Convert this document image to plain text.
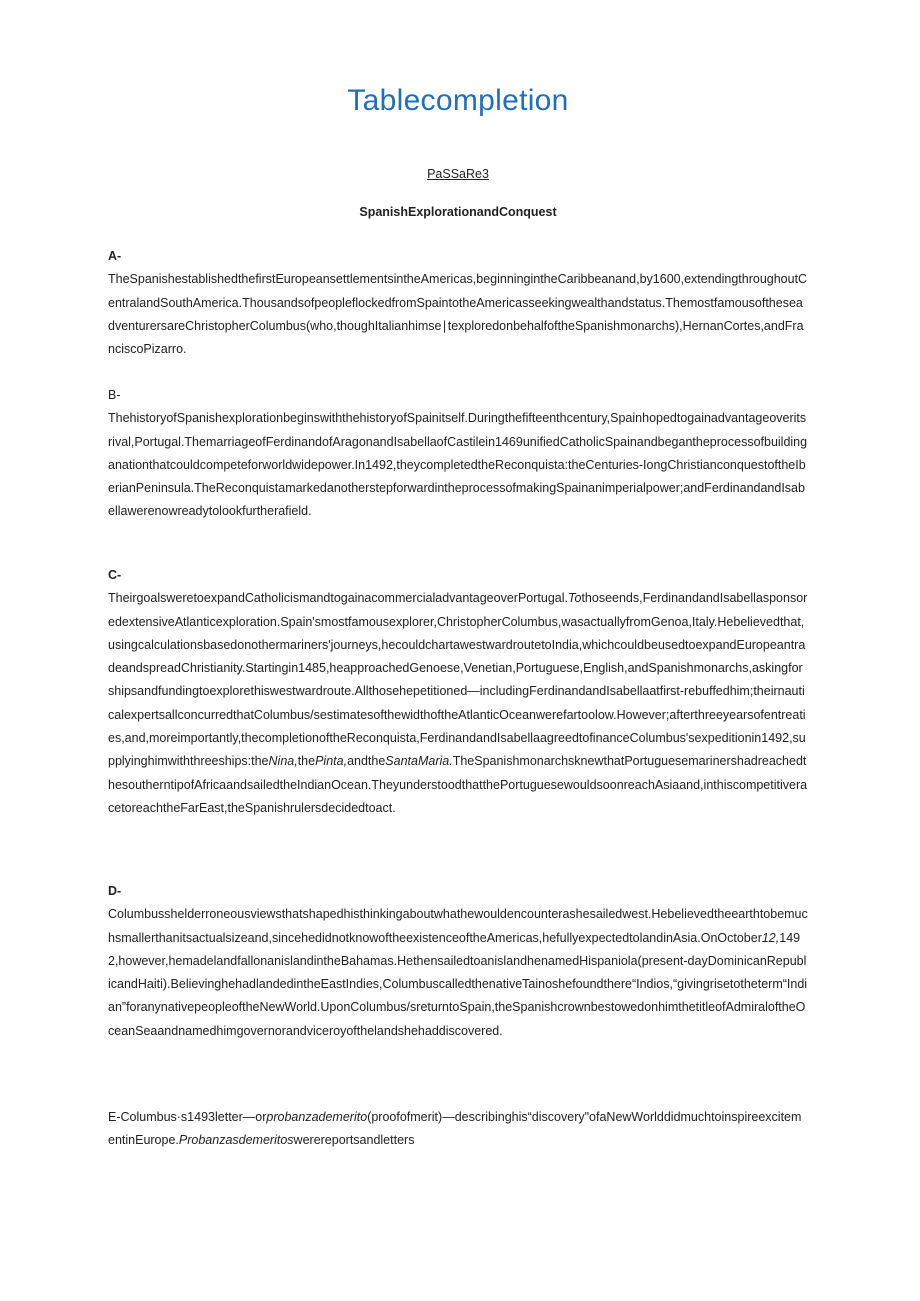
Tablecompletion
PaSSaRe3
SpanishExplorationandConquest
A-
TheSpanishestablishedthefirstEuropeansettlementsintheAmericas,beginningintheCaribbeanand,by1600,extendingthroughoutCentralandSouthAmerica.ThousandsofpeopleflockedfromSpaintotheAmericasseekingwealthandstatus.ThemostfamousoftheseadventurersareChristopherColumbus(who,thoughItalianhimse∣texploredonbehalfoftheSpanishmonarchs),HernanCortes,andFranciscoPizarro.
B-
ThehistoryofSpanishexplorationbeginswiththehistoryofSpainitself.Duringthefifteenthcentury,Spainhopedtogainadvantageoveritsrival,Portugal.ThemarriageofFerdinandofAragonandIsabellaofCastilein1469unifiedCatholicSpainandbegantheprocessofbuildinganationthatcouldcompeteforworldwidepower.In1492,theycompletedtheReconquista:theCenturies-IongChristianconquestoftheIberianPeninsula.TheReconquistamarkedanotherstepforwardintheprocessofmakingSpainanimperialpower;andFerdinandandIsabellawerenowreadytolookfurtherafield.
C-
TheirgoalsweretoexpandCatholicismandtogainacommercialadvantageoverPortugal.Tothoseends,FerdinandandIsabellasponsoredextensiveAtlanticexploration.Spain'smostfamousexplorer,ChristopherColumbus,wasactuallyfromGenoa,Italy.Hebelievedthat,usingcalculationsbasedonothermariners'journeys,hecouldchartawestwardroutetoIndia,whichcouldbeusedtoexpandEuropeantradeandspreadChristianity.Startingin1485,heapproachedGenoese,Venetian,Portuguese,English,andSpanishmonarchs,askingforshipsandfundingtoexplorethiswestwardroute.Allthosehepetitioned—includingFerdinandandIsabellaatfirst-rebuffedhim;theirnauticalexpertsallconcurredthatColumbus/sestimatesofthewidthoftheAtlanticOceanwerefartoolow.However;afterthreeyearsofentreaties,and,moreimportantly,thecompletionoftheReconquista,FerdinandandIsabellaagreedtofinanceColumbus'sexpeditionin1492,supplyinghimwiththreeships:theNina,thePinta,andtheSantaMaria.TheSpanishmonarchsknewthatPortuguesemarinershadreachedthesoutherntipofAfricaandsailedtheIndianOcean.TheyunderstoodthatthePortuguesewouldsoonreachAsiaand,inthiscompetitiveracetoreachtheFarEast,theSpanishrulersdecidedtoact.
D-
Columbusshelderroneousviewsthatshapedhisthinkingaboutwhathewouldencounterashesailedwest.Hebelievedtheearthtobemuchsmallerthanitsactualsizeand,sincehedidnotknowoftheexistenceoftheAmericas,hefullyexpectedtolandinAsia.OnOctober12,1492,however,hemadelandfallonanislandintheBahamas.HethensailedtoanislandhenamedHispaniola(present-dayDominicanRepublicandHaiti).BelievinghehadlandedintheEastIndies,ColumbuscalledthenativeTainoshefoundthere“Indios,“givingrisetotheterm“Indian”foranynativepeopleoftheNewWorld.UponColumbus/sreturntoSpain,theSpanishcrownbestowedonhimthetitleofAdmiraloftheOceanSeaandnamedhimgovernorandviceroyofthelandshehaddiscovered.
E-Columbus·s1493letter—orprobanzademerito(proofofmerit)—describinghis“discovery"ofaNewWorlddidmuchtoinspireexcitementinEurope.Probanzasdemeritoswerereportsandletters
